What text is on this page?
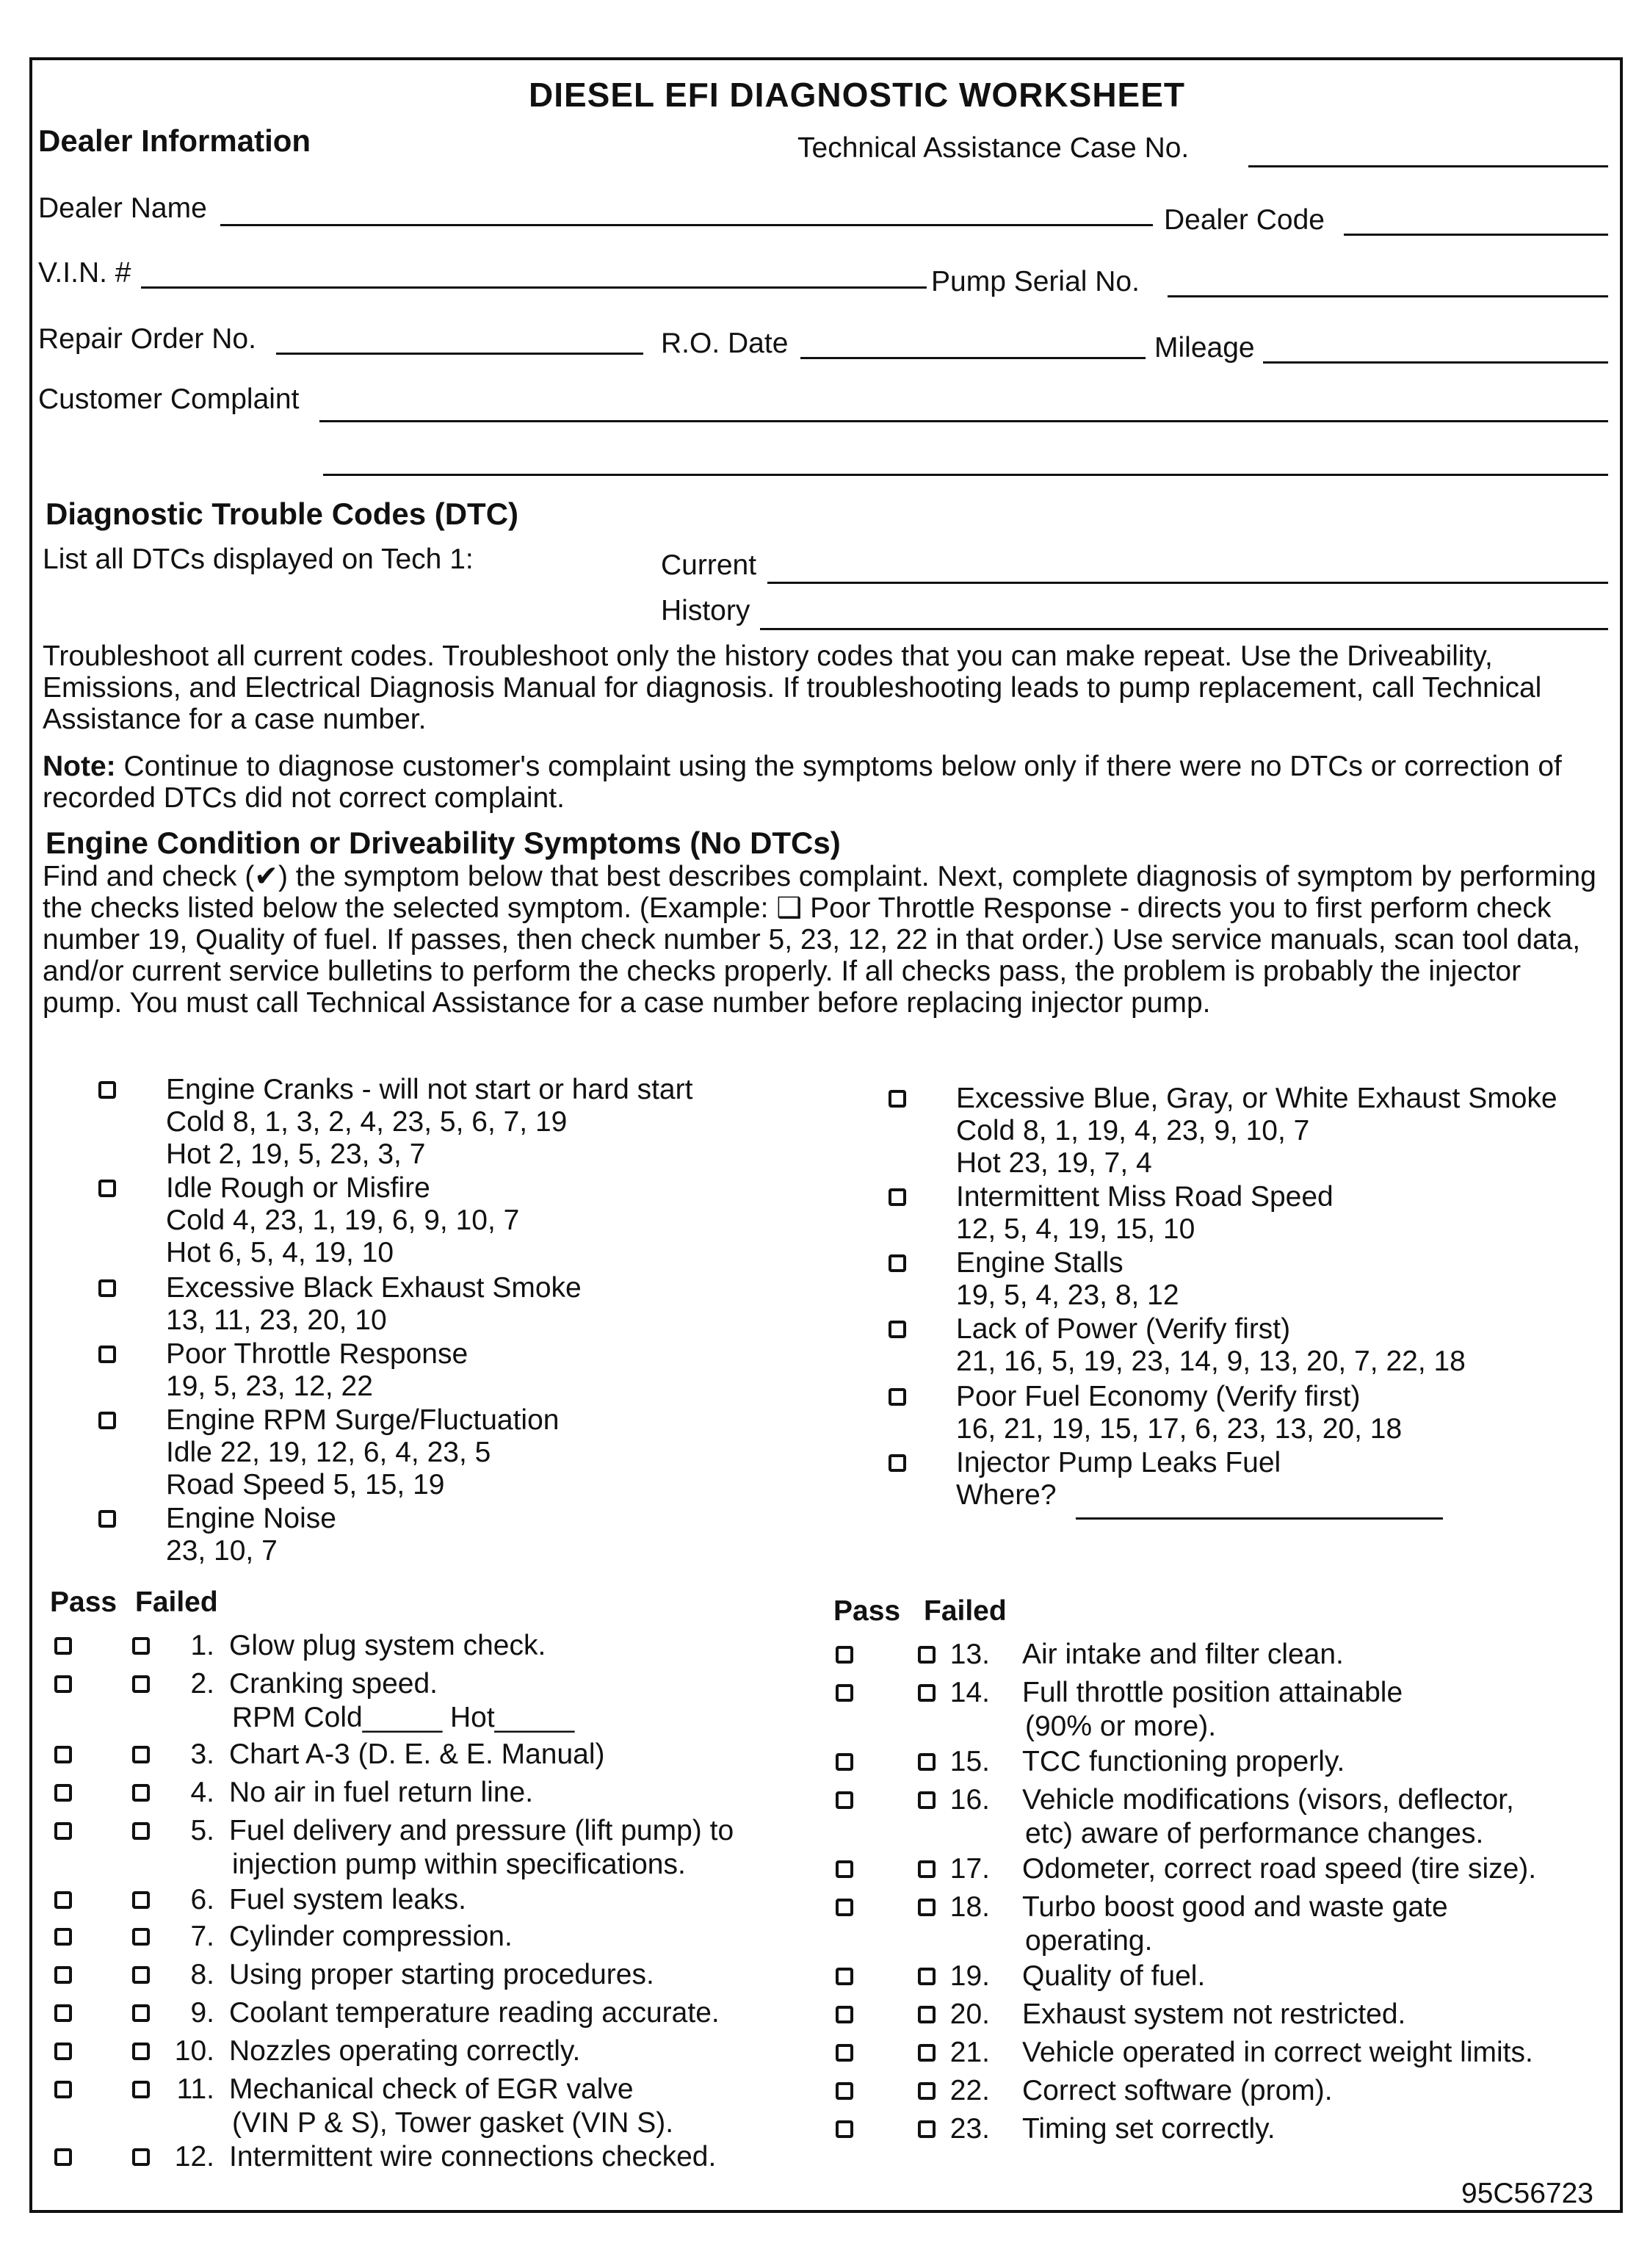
DIESEL EFI DIAGNOSTIC WORKSHEET
Dealer Information	Technical Assistance Case No.
Dealer Name	Dealer Code
V.I.N. #	Pump Serial No.
Repair Order No.	R.O. Date	Mileage
Customer Complaint
Diagnostic Trouble Codes (DTC)
List all DTCs displayed on Tech 1:	Current
History
Troubleshoot all current codes. Troubleshoot only the history codes that you can make repeat. Use the Driveability, Emissions, and Electrical Diagnosis Manual for diagnosis. If troubleshooting leads to pump replacement, call Technical Assistance for a case number.
Note: Continue to diagnose customer's complaint using the symptoms below only if there were no DTCs or correction of recorded DTCs did not correct complaint.
Engine Condition or Driveability Symptoms (No DTCs)
Find and check (✔) the symptom below that best describes complaint. Next, complete diagnosis of symptom by performing the checks listed below the selected symptom. (Example: ❑ Poor Throttle Response - directs you to first perform check number 19, Quality of fuel. If passes, then check number 5, 23, 12, 22 in that order.) Use service manuals, scan tool data, and/or current service bulletins to perform the checks properly. If all checks pass, the problem is probably the injector pump. You must call Technical Assistance for a case number before replacing injector pump.
Engine Cranks - will not start or hard start
Cold 8, 1, 3, 2, 4, 23, 5, 6, 7, 19
Hot 2, 19, 5, 23, 3, 7
Idle Rough or Misfire
Cold 4, 23, 1, 19, 6, 9, 10, 7
Hot 6, 5, 4, 19, 10
Excessive Black Exhaust Smoke
13, 11, 23, 20, 10
Poor Throttle Response
19, 5, 23, 12, 22
Engine RPM Surge/Fluctuation
Idle 22, 19, 12, 6, 4, 23, 5
Road Speed 5, 15, 19
Engine Noise
23, 10, 7
Excessive Blue, Gray, or White Exhaust Smoke
Cold 8, 1, 19, 4, 23, 9, 10, 7
Hot 23, 19, 7, 4
Intermittent Miss Road Speed
12, 5, 4, 19, 15, 10
Engine Stalls
19, 5, 4, 23, 8, 12
Lack of Power (Verify first)
21, 16, 5, 19, 23, 14, 9, 13, 20, 7, 22, 18
Poor Fuel Economy (Verify first)
16, 21, 19, 15, 17, 6, 23, 13, 20, 18
Injector Pump Leaks Fuel
Where?
Pass Failed	Pass Failed
1. Glow plug system check.
2. Cranking speed.
RPM Cold_____ Hot_____
3. Chart A-3 (D. E. & E. Manual)
4. No air in fuel return line.
5. Fuel delivery and pressure (lift pump) to
injection pump within specifications.
6. Fuel system leaks.
7. Cylinder compression.
8. Using proper starting procedures.
9. Coolant temperature reading accurate.
10. Nozzles operating correctly.
11. Mechanical check of EGR valve
(VIN P & S), Tower gasket (VIN S).
12. Intermittent wire connections checked.
13. Air intake and filter clean.
14. Full throttle position attainable
(90% or more).
15. TCC functioning properly.
16. Vehicle modifications (visors, deflector,
etc) aware of performance changes.
17. Odometer, correct road speed (tire size).
18. Turbo boost good and waste gate
operating.
19. Quality of fuel.
20. Exhaust system not restricted.
21. Vehicle operated in correct weight limits.
22. Correct software (prom).
23. Timing set correctly.
95C56723
